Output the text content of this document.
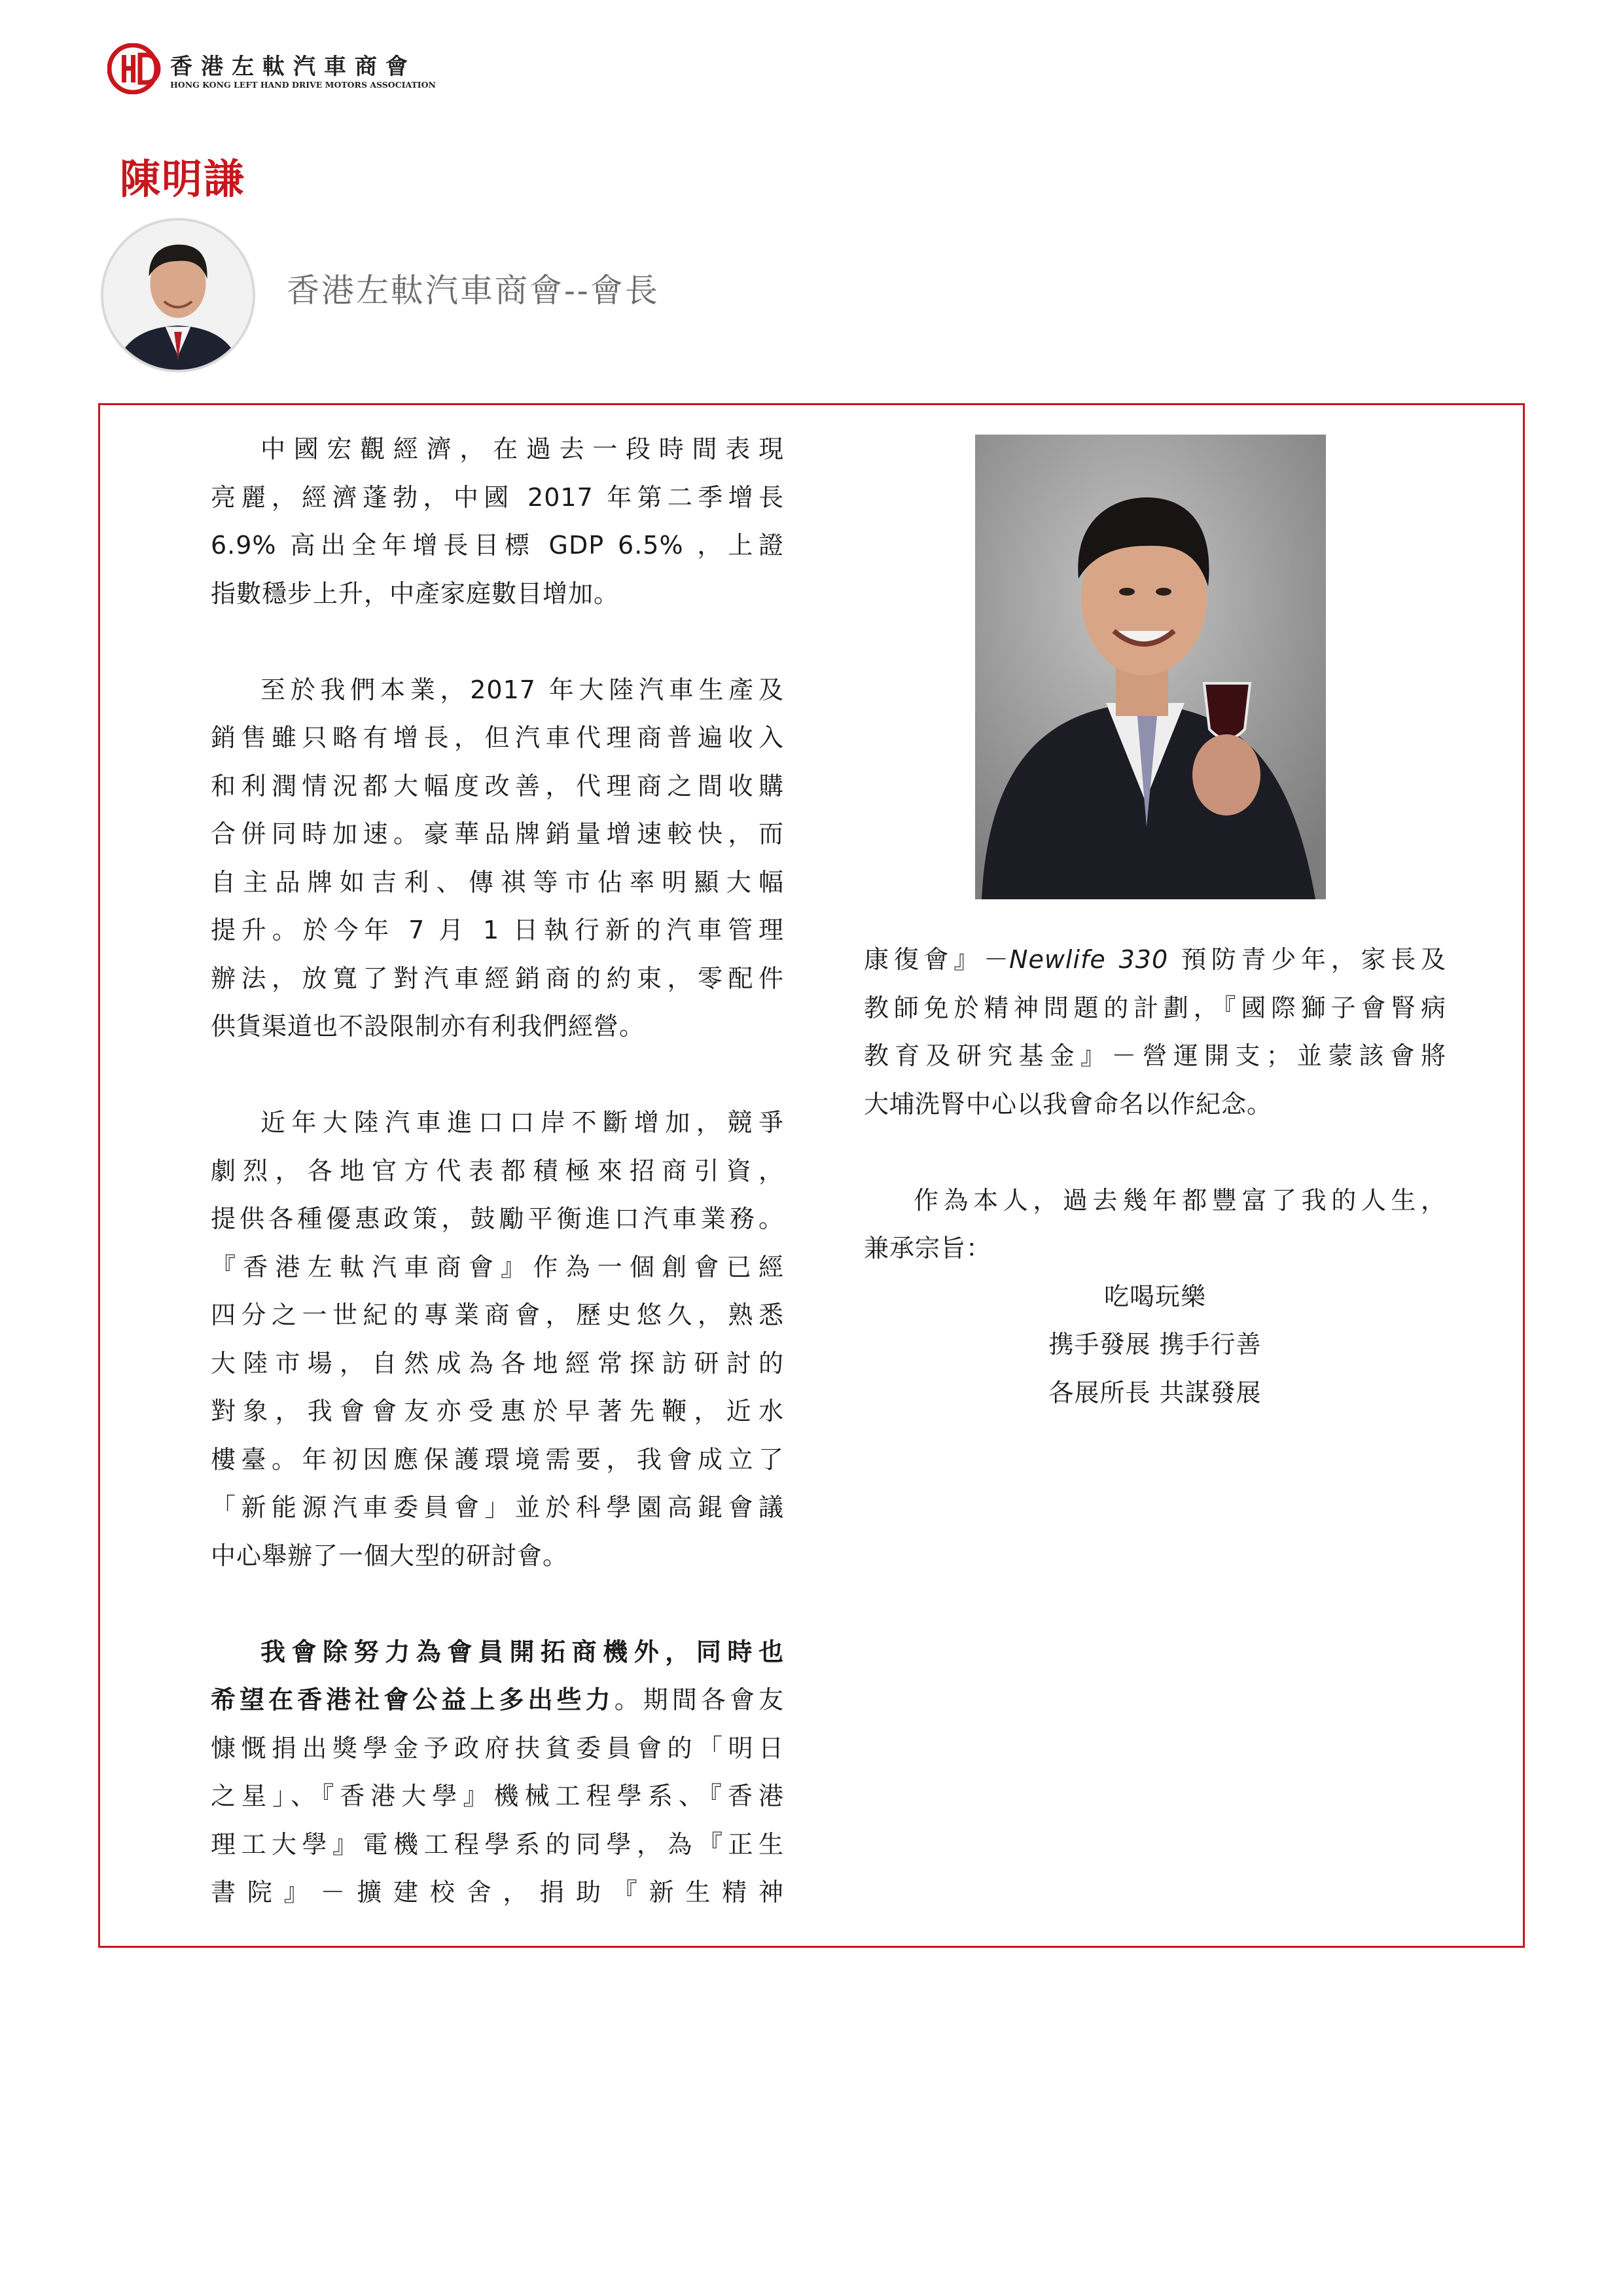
香港左軚汽車商會
HONG KONG LEFT HAND DRIVE MOTORS ASSOCIATION
陳明謙
香港左軚汽車商會--會長

中國宏觀經濟，在過去一段時間表現

亮麗，經濟蓬勃，中國 2017 年第二季增長

6.9% 高出全年增長目標 GDP 6.5% ，上證

指數穩步上升，中產家庭數目增加。

至於我們本業，2017 年大陸汽車生產及

銷售雖只略有增長，但汽車代理商普遍收入

和利潤情況都大幅度改善，代理商之間收購

合併同時加速。豪華品牌銷量增速較快，而

自主品牌如吉利、傳祺等市佔率明顯大幅

提升。於今年 7 月 1 日執行新的汽車管理

辦法，放寬了對汽車經銷商的約束，零配件

供貨渠道也不設限制亦有利我們經營。

近年大陸汽車進口口岸不斷增加，競爭

劇烈，各地官方代表都積極來招商引資，

提供各種優惠政策，鼓勵平衡進口汽車業務。

『香港左軚汽車商會』作為一個創會已經

四分之一世紀的專業商會，歷史悠久，熟悉

大陸市場，自然成為各地經常探訪研討的

對象，我會會友亦受惠於早著先鞭，近水

樓臺。年初因應保護環境需要，我會成立了

「新能源汽車委員會」並於科學園高錕會議

中心舉辦了一個大型的研討會。

我會除努力為會員開拓商機外，同時也

希望在香港社會公益上多出些力。期間各會友

慷慨捐出獎學金予政府扶貧委員會的「明日

之星」、『香港大學』機械工程學系、『香港

理工大學』電機工程學系的同學，為『正生

書院』－擴建校舍，捐助『新生精神

康復會』－Newlife 330 預防青少年，家長及

教師免於精神問題的計劃，『國際獅子會腎病

教育及研究基金』－營運開支；並蒙該會將

大埔洗腎中心以我會命名以作紀念。

作為本人，過去幾年都豐富了我的人生，

兼承宗旨：

吃喝玩樂

携手發展 携手行善

各展所長 共謀發展
